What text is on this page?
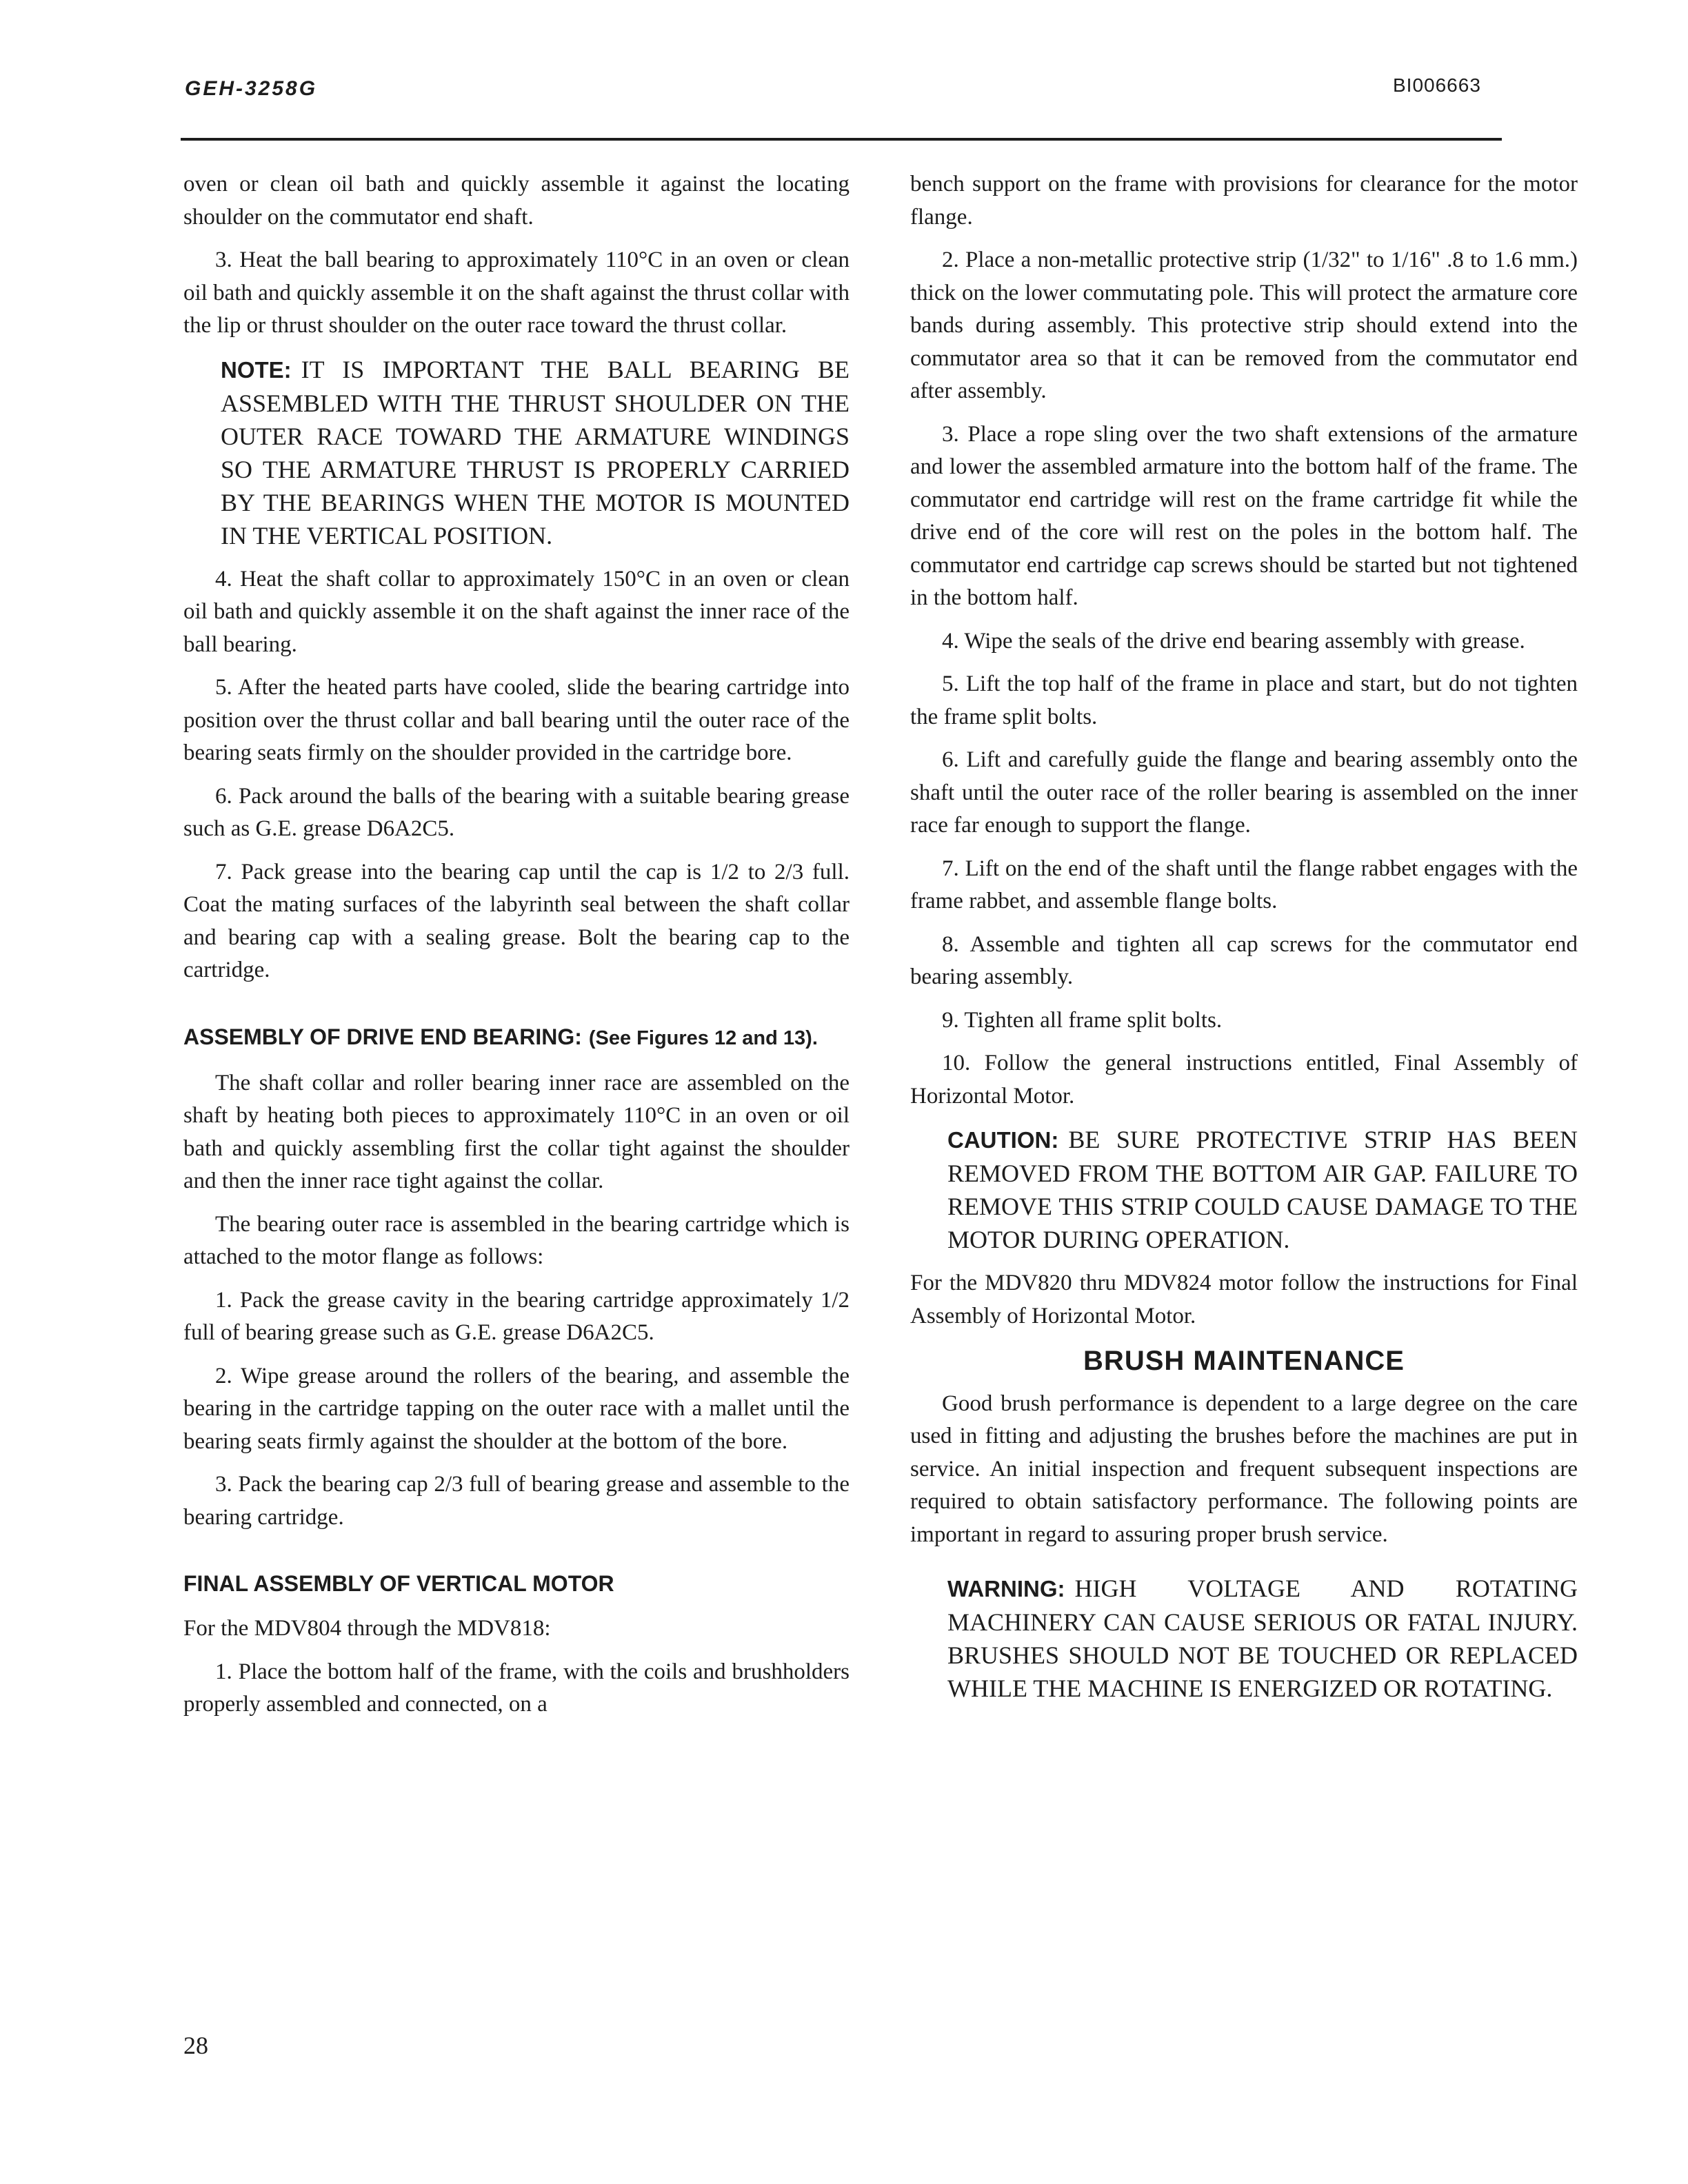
GEH-3258G	BI006663

oven or clean oil bath and quickly assemble it against the locating shoulder on the commutator end shaft.

3. Heat the ball bearing to approximately 110°C in an oven or clean oil bath and quickly assemble it on the shaft against the thrust collar with the lip or thrust shoulder on the outer race toward the thrust collar.

NOTE: IT IS IMPORTANT THE BALL BEARING BE ASSEMBLED WITH THE THRUST SHOULDER ON THE OUTER RACE TOWARD THE ARMATURE WINDINGS SO THE ARMATURE THRUST IS PROPERLY CARRIED BY THE BEARINGS WHEN THE MOTOR IS MOUNTED IN THE VERTICAL POSITION.

4. Heat the shaft collar to approximately 150°C in an oven or clean oil bath and quickly assemble it on the shaft against the inner race of the ball bearing.

5. After the heated parts have cooled, slide the bearing cartridge into position over the thrust collar and ball bearing until the outer race of the bearing seats firmly on the shoulder provided in the cartridge bore.

6. Pack around the balls of the bearing with a suitable bearing grease such as G.E. grease D6A2C5.

7. Pack grease into the bearing cap until the cap is 1/2 to 2/3 full. Coat the mating surfaces of the labyrinth seal between the shaft collar and bearing cap with a sealing grease. Bolt the bearing cap to the cartridge.

ASSEMBLY OF DRIVE END BEARING: (See Figures 12 and 13).

The shaft collar and roller bearing inner race are assembled on the shaft by heating both pieces to approximately 110°C in an oven or oil bath and quickly assembling first the collar tight against the shoulder and then the inner race tight against the collar.

The bearing outer race is assembled in the bearing cartridge which is attached to the motor flange as follows:

1. Pack the grease cavity in the bearing cartridge approximately 1/2 full of bearing grease such as G.E. grease D6A2C5.

2. Wipe grease around the rollers of the bearing, and assemble the bearing in the cartridge tapping on the outer race with a mallet until the bearing seats firmly against the shoulder at the bottom of the bore.

3. Pack the bearing cap 2/3 full of bearing grease and assemble to the bearing cartridge.

FINAL ASSEMBLY OF VERTICAL MOTOR

For the MDV804 through the MDV818:

1. Place the bottom half of the frame, with the coils and brushholders properly assembled and connected, on a

bench support on the frame with provisions for clearance for the motor flange.

2. Place a non-metallic protective strip (1/32" to 1/16" .8 to 1.6 mm.) thick on the lower commutating pole. This will protect the armature core bands during assembly. This protective strip should extend into the commutator area so that it can be removed from the commutator end after assembly.

3. Place a rope sling over the two shaft extensions of the armature and lower the assembled armature into the bottom half of the frame. The commutator end cartridge will rest on the frame cartridge fit while the drive end of the core will rest on the poles in the bottom half. The commutator end cartridge cap screws should be started but not tightened in the bottom half.

4. Wipe the seals of the drive end bearing assembly with grease.

5. Lift the top half of the frame in place and start, but do not tighten the frame split bolts.

6. Lift and carefully guide the flange and bearing assembly onto the shaft until the outer race of the roller bearing is assembled on the inner race far enough to support the flange.

7. Lift on the end of the shaft until the flange rabbet engages with the frame rabbet, and assemble flange bolts.

8. Assemble and tighten all cap screws for the commutator end bearing assembly.

9. Tighten all frame split bolts.

10. Follow the general instructions entitled, Final Assembly of Horizontal Motor.

CAUTION: BE SURE PROTECTIVE STRIP HAS BEEN REMOVED FROM THE BOTTOM AIR GAP. FAILURE TO REMOVE THIS STRIP COULD CAUSE DAMAGE TO THE MOTOR DURING OPERATION.

For the MDV820 thru MDV824 motor follow the instructions for Final Assembly of Horizontal Motor.

BRUSH MAINTENANCE

Good brush performance is dependent to a large degree on the care used in fitting and adjusting the brushes before the machines are put in service. An initial inspection and frequent subsequent inspections are required to obtain satisfactory performance. The following points are important in regard to assuring proper brush service.

WARNING: HIGH VOLTAGE AND ROTATING MACHINERY CAN CAUSE SERIOUS OR FATAL INJURY. BRUSHES SHOULD NOT BE TOUCHED OR REPLACED WHILE THE MACHINE IS ENERGIZED OR ROTATING.
28
